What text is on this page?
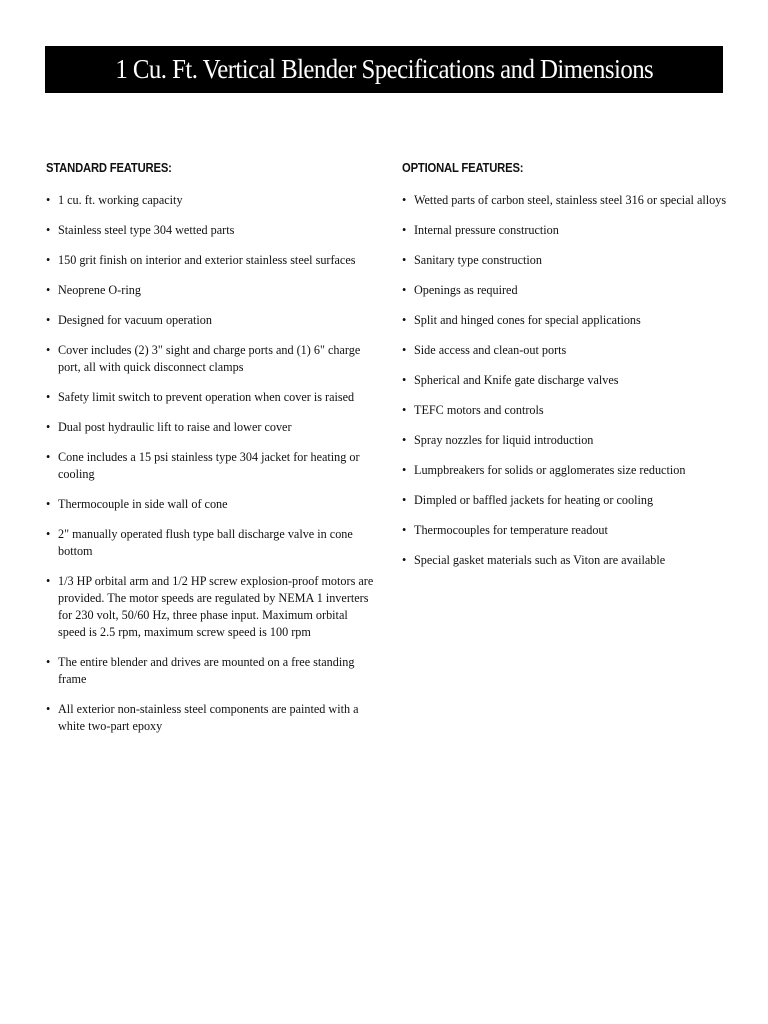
1 Cu. Ft. Vertical Blender Specifications and Dimensions
STANDARD FEATURES:
• 1 cu. ft. working capacity
• Stainless steel type 304 wetted parts
• 150 grit finish on interior and exterior stainless steel surfaces
• Neoprene O-ring
• Designed for vacuum operation
• Cover includes (2) 3" sight and charge ports and (1) 6" charge port, all with quick disconnect clamps
• Safety limit switch to prevent operation when cover is raised
• Dual post hydraulic lift to raise and lower cover
• Cone includes a 15 psi stainless type 304 jacket for heating or cooling
• Thermocouple in side wall of cone
• 2" manually operated flush type ball discharge valve in cone bottom
• 1/3 HP orbital arm and 1/2 HP screw explosion-proof motors are provided. The motor speeds are regulated by NEMA 1 inverters for 230 volt, 50/60 Hz, three phase input. Maximum orbital speed is 2.5 rpm, maximum screw speed is 100 rpm
• The entire blender and drives are mounted on a free standing frame
• All exterior non-stainless steel components are painted with a white two-part epoxy
OPTIONAL FEATURES:
• Wetted parts of carbon steel, stainless steel 316 or special alloys
• Internal pressure construction
• Sanitary type construction
• Openings as required
• Split and hinged cones for special applications
• Side access and clean-out ports
• Spherical and Knife gate discharge valves
• TEFC motors and controls
• Spray nozzles for liquid introduction
• Lumpbreakers for solids or agglomerates size reduction
• Dimpled or baffled jackets for heating or cooling
• Thermocouples for temperature readout
• Special gasket materials such as Viton are available
